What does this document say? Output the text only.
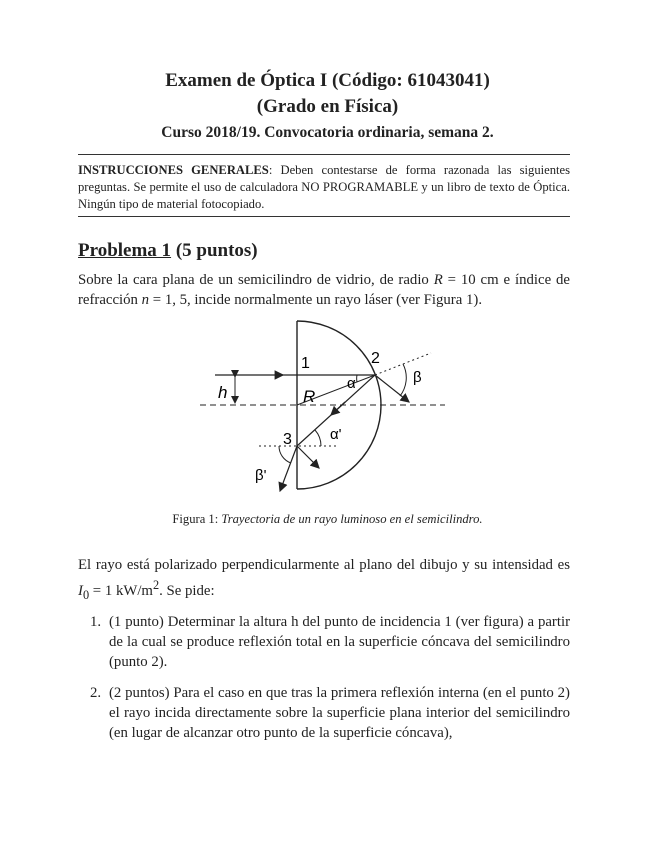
Examen de Óptica I (Código: 61043041)
(Grado en Física)
Curso 2018/19. Convocatoria ordinaria, semana 2.
INSTRUCCIONES GENERALES: Deben contestarse de forma razonada las siguientes preguntas. Se permite el uso de calculadora NO PROGRAMABLE y un libro de texto de Óptica. Ningún tipo de material fotocopiado.
Problema 1 (5 puntos)
Sobre la cara plana de un semicilindro de vidrio, de radio R = 10 cm e índice de refracción n = 1, 5, incide normalmente un rayo láser (ver Figura 1).
1	2
3
h	R
α	β
α'
β'
Figura 1: Trayectoria de un rayo luminoso en el semicilindro.
El rayo está polarizado perpendicularmente al plano del dibujo y su intensidad es $I_0 = 1$ $kW/m^2$. Se pide:
1. (1 punto) Determinar la altura h del punto de incidencia 1 (ver figura) a partir de la cual se produce reflexión total en la superficie cóncava del semicilindro (punto 2).
2. (2 puntos) Para el caso en que tras la primera reflexión interna (en el punto 2) el rayo incida directamente sobre la superficie plana interior del semicilindro (en lugar de alcanzar otro punto de la superficie cóncava),
